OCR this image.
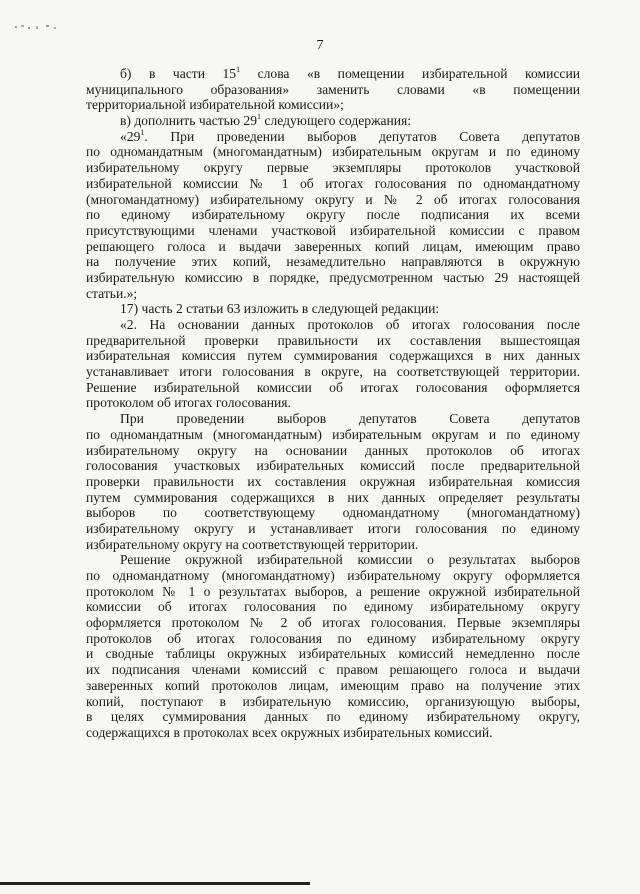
7
б) в части $15^1$ слова «в помещении избирательной комиссии
муниципального образования» заменить словами «в помещении
территориальной избирательной комиссии»;
в) дополнить частью $29^1$ следующего содержания:
«$29^1$. При проведении выборов депутатов Совета депутатов
по одномандатным (многомандатным) избирательным округам и по единому
избирательному округу первые экземпляры протоколов участковой
избирательной комиссии № 1 об итогах голосования по одномандатному
(многомандатному) избирательному округу и № 2 об итогах голосования
по единому избирательному округу после подписания их всеми
присутствующими членами участковой избирательной комиссии с правом
решающего голоса и выдачи заверенных копий лицам, имеющим право
на получение этих копий, незамедлительно направляются в окружную
избирательную комиссию в порядке, предусмотренном частью 29 настоящей
статьи.»;
17) часть 2 статьи 63 изложить в следующей редакции:
«2. На основании данных протоколов об итогах голосования после
предварительной проверки правильности их составления вышестоящая
избирательная комиссия путем суммирования содержащихся в них данных
устанавливает итоги голосования в округе, на соответствующей территории.
Решение избирательной комиссии об итогах голосования оформляется
протоколом об итогах голосования.
При проведении выборов депутатов Совета депутатов
по одномандатным (многомандатным) избирательным округам и по единому
избирательному округу на основании данных протоколов об итогах
голосования участковых избирательных комиссий после предварительной
проверки правильности их составления окружная избирательная комиссия
путем суммирования содержащихся в них данных определяет результаты
выборов по соответствующему одномандатному (многомандатному)
избирательному округу и устанавливает итоги голосования по единому
избирательному округу на соответствующей территории.
Решение окружной избирательной комиссии о результатах выборов
по одномандатному (многомандатному) избирательному округу оформляется
протоколом № 1 о результатах выборов, а решение окружной избирательной
комиссии об итогах голосования по единому избирательному округу
оформляется протоколом № 2 об итогах голосования. Первые экземпляры
протоколов об итогах голосования по единому избирательному округу
и сводные таблицы окружных избирательных комиссий немедленно после
их подписания членами комиссий с правом решающего голоса и выдачи
заверенных копий протоколов лицам, имеющим право на получение этих
копий, поступают в избирательную комиссию, организующую выборы,
в целях суммирования данных по единому избирательному округу,
содержащихся в протоколах всех окружных избирательных комиссий.
